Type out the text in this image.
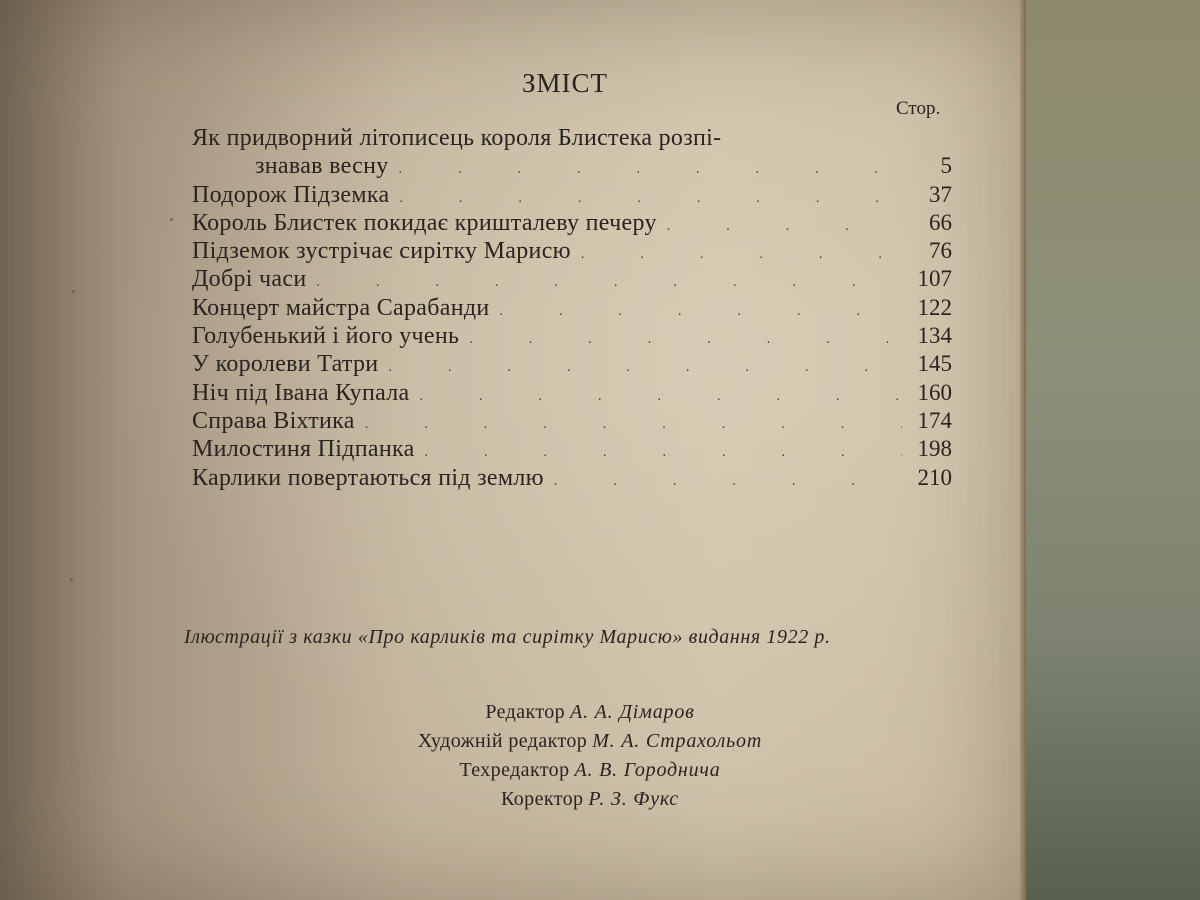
ЗМІСТ
Стор.
Як придворний літописець короля Блистека розпі-
знавав весну .	5
Подорож Підземка .	37
Король Блистек покидає кришталеву печеру .	66
Підземок зустрічає сирітку Марисю .	76
Добрі часи .	107
Концерт майстра Сарабанди .	122
Голубенький і його учень .	134
У королеви Татри .	145
Ніч під Івана Купала .	160
Справа Віхтика .	174
Милостиня Підпанка .	198
Карлики повертаються під землю .	210
Ілюстрації з казки «Про карликів та сирітку Марисю» видання 1922 р.
Редактор А. А. Дімаров
Художній редактор М. А. Страхольот
Техредактор А. В. Городнича
Коректор Р. З. Фукс
